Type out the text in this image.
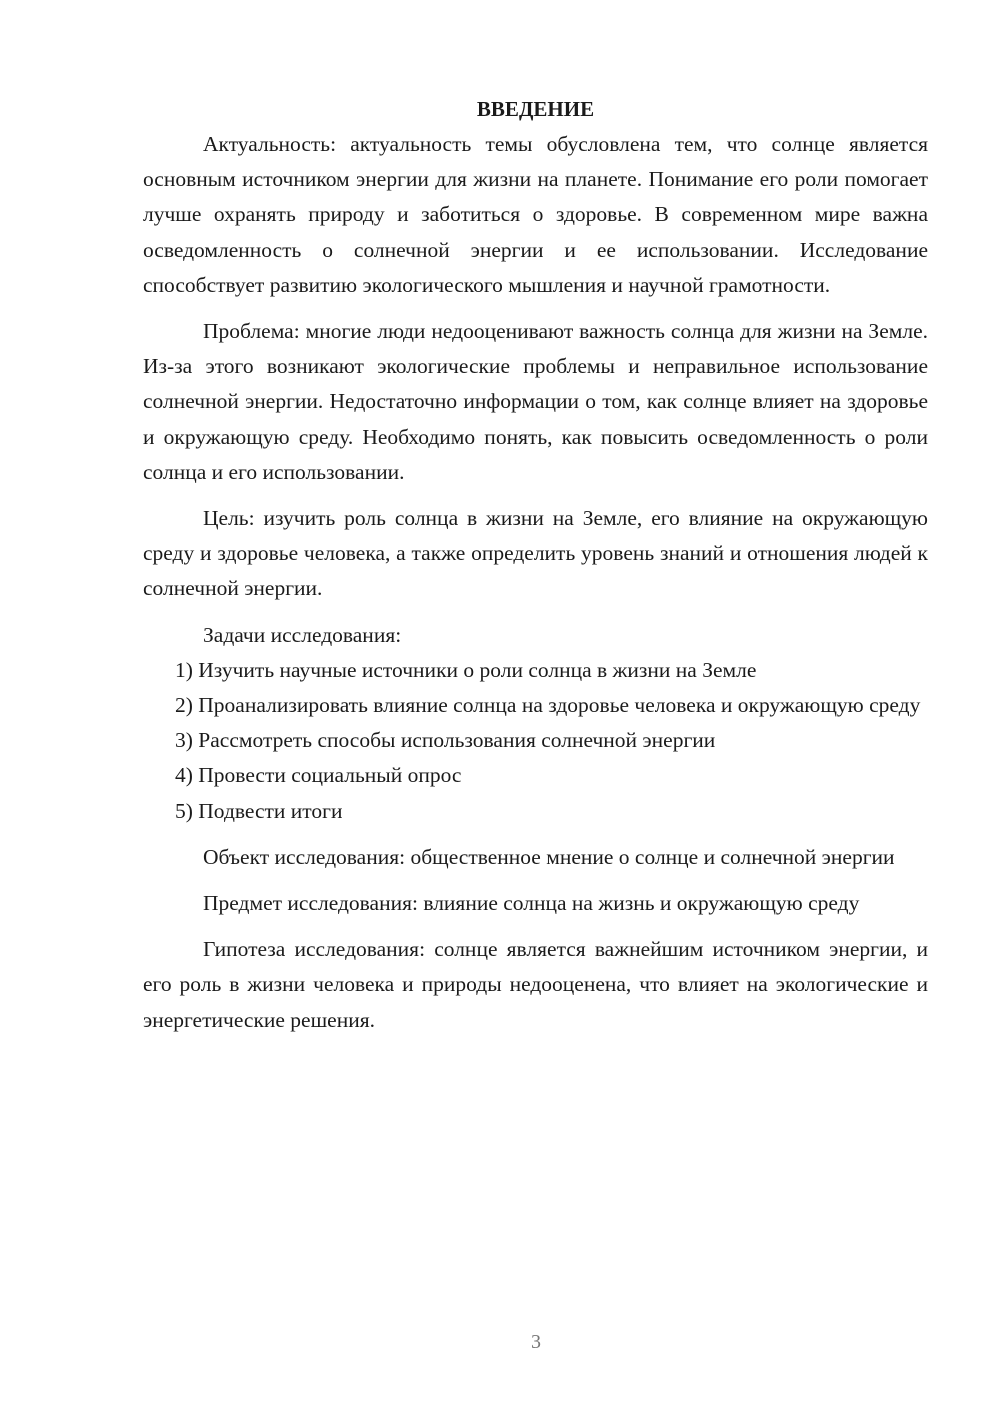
ВВЕДЕНИЕ

Актуальность: актуальность темы обусловлена тем, что солнце является основным источником энергии для жизни на планете. Понимание его роли помогает лучше охранять природу и заботиться о здоровье. В современном мире важна осведомленность о солнечной энергии и ее использовании. Исследование способствует развитию экологического мышления и научной грамотности.

Проблема: многие люди недооценивают важность солнца для жизни на Земле. Из-за этого возникают экологические проблемы и неправильное использование солнечной энергии. Недостаточно информации о том, как солнце влияет на здоровье и окружающую среду. Необходимо понять, как повысить осведомленность о роли солнца и его использовании.

Цель: изучить роль солнца в жизни на Земле, его влияние на окружающую среду и здоровье человека, а также определить уровень знаний и отношения людей к солнечной энергии.

Задачи исследования:

1) Изучить научные источники о роли солнца в жизни на Земле

2) Проанализировать влияние солнца на здоровье человека и окружающую среду

3) Рассмотреть способы использования солнечной энергии

4) Провести социальный опрос

5) Подвести итоги

Объект исследования: общественное мнение о солнце и солнечной энергии

Предмет исследования: влияние солнца на жизнь и окружающую среду

Гипотеза исследования: солнце является важнейшим источником энергии, и его роль в жизни человека и природы недооценена, что влияет на экологические и энергетические решения.

3
